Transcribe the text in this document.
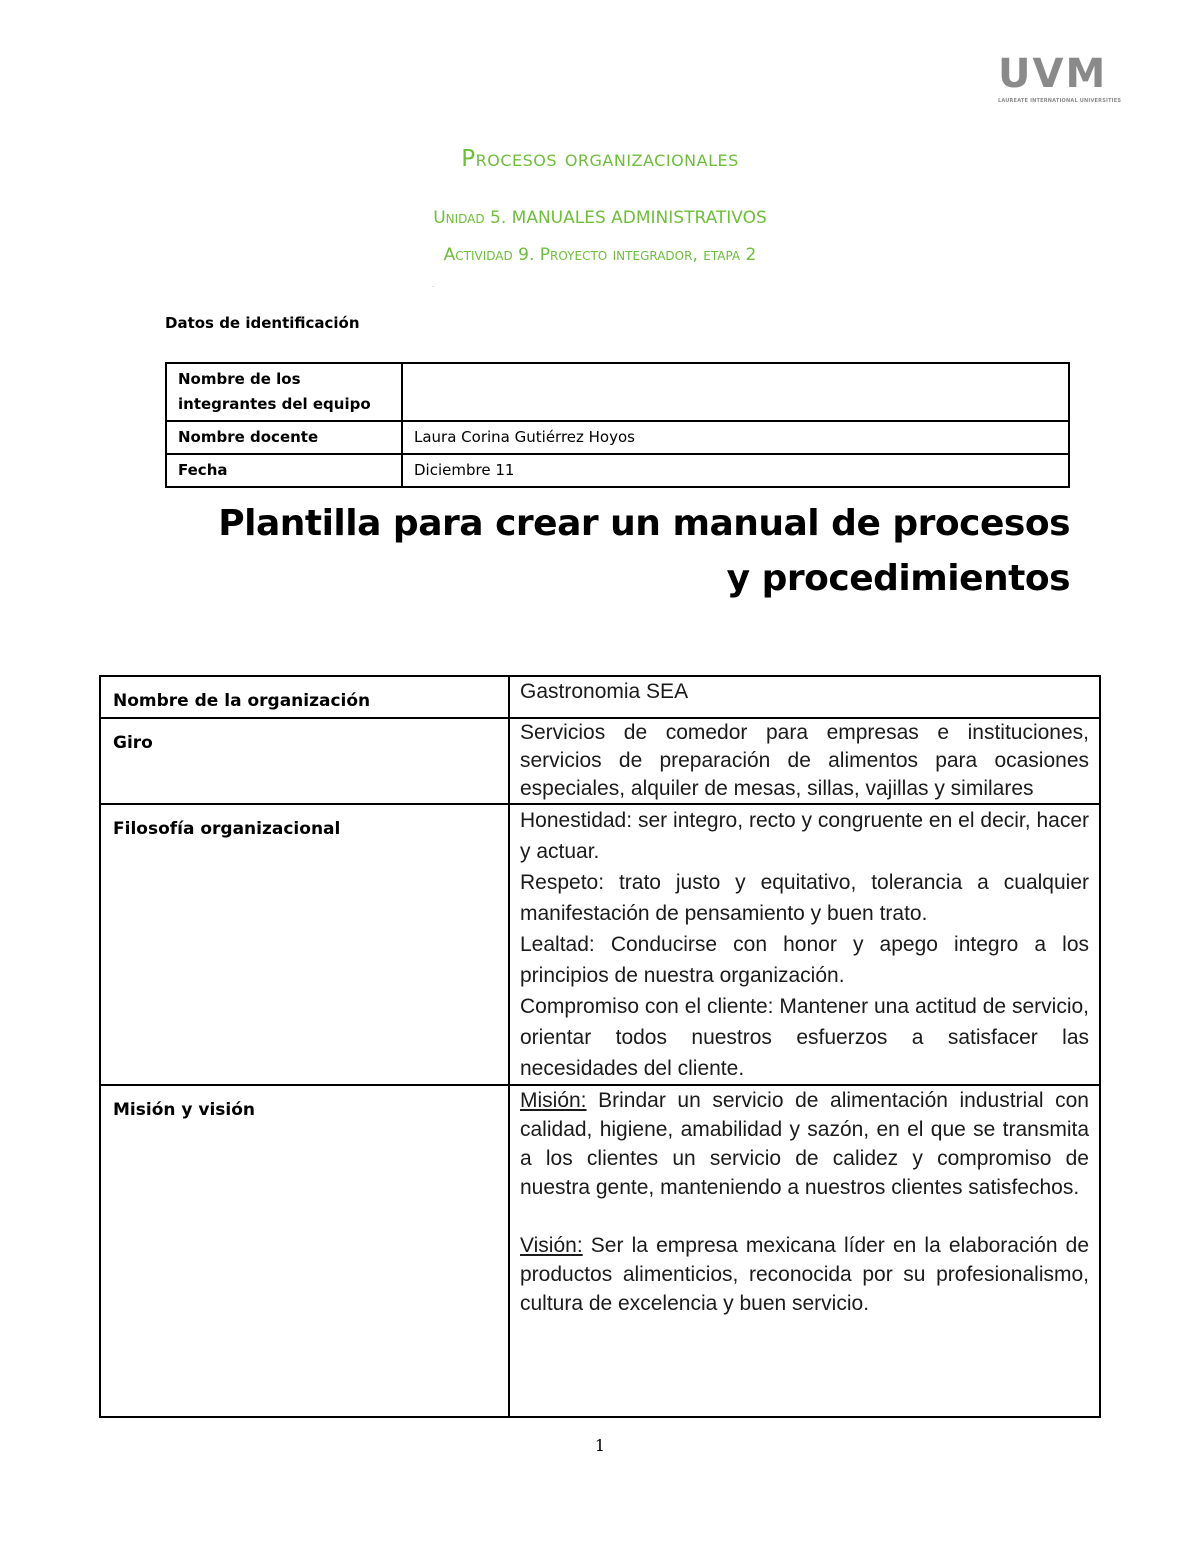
UVM
LAUREATE INTERNATIONAL UNIVERSITIES
Procesos organizacionales
Unidad 5. MANUALES ADMINISTRATIVOS
Actividad 9. Proyecto integrador, etapa 2
.
Datos de identificación
Nombre de los integrantes del equipo	
Nombre docente	Laura Corina Gutiérrez Hoyos
Fecha	Diciembre 11
Plantilla para crear un manual de procesos
y procedimientos
Nombre de la organización	Gastronomia SEA
Giro	Servicios de comedor para empresas e instituciones, servicios de preparación de alimentos para ocasiones especiales, alquiler de mesas, sillas, vajillas y similares
Filosofía organizacional	Honestidad: ser integro, recto y congruente en el decir, hacer y actuar.

Respeto: trato justo y equitativo, tolerancia a cualquier manifestación de pensamiento y buen trato.

Lealtad: Conducirse con honor y apego integro a los principios de nuestra organización.

Compromiso con el cliente: Mantener una actitud de servicio, orientar todos nuestros esfuerzos a satisfacer las necesidades del cliente.

Misión y visión	Misión: Brindar un servicio de alimentación industrial con calidad, higiene, amabilidad y sazón, en el que se transmita a los clientes un servicio de calidez y compromiso de nuestra gente, manteniendo a nuestros clientes satisfechos.

Visión: Ser la empresa mexicana líder en la elaboración de productos alimenticios, reconocida por su profesionalismo, cultura de excelencia y buen servicio.

1
